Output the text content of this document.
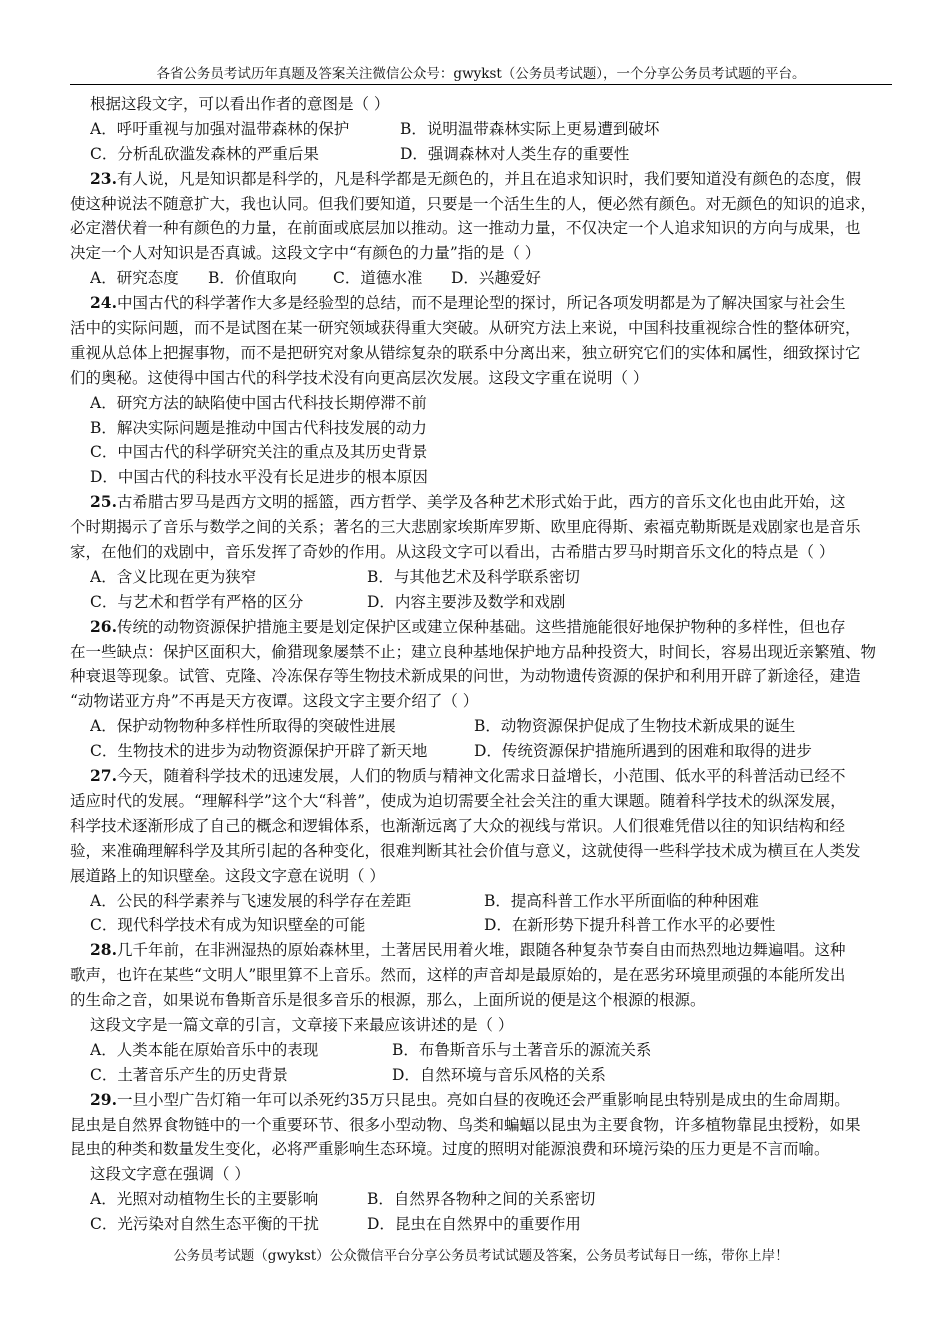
各省公务员考试历年真题及答案关注微信公众号：gwykst（公务员考试题），一个分享公务员考试题的平台。
根据这段文字，可以看出作者的意图是（ ）
A．呼吁重视与加强对温带森林的保护	B．说明温带森林实际上更易遭到破坏
C．分析乱砍滥发森林的严重后果	D．强调森林对人类生存的重要性
23.有人说，凡是知识都是科学的，凡是科学都是无颜色的，并且在追求知识时，我们要知道没有颜色的态度，假
使这种说法不随意扩大，我也认同。但我们要知道，只要是一个活生生的人，便必然有颜色。对无颜色的知识的追求，
必定潜伏着一种有颜色的力量，在前面或底层加以推动。这一推动力量，不仅决定一个人追求知识的方向与成果，也
决定一个人对知识是否真诚。这段文字中“有颜色的力量”指的是（ ）
A．研究态度	B．价值取向	C．道德水准	D．兴趣爱好
24.中国古代的科学著作大多是经验型的总结，而不是理论型的探讨，所记各项发明都是为了解决国家与社会生
活中的实际问题，而不是试图在某一研究领域获得重大突破。从研究方法上来说，中国科技重视综合性的整体研究，
重视从总体上把握事物，而不是把研究对象从错综复杂的联系中分离出来，独立研究它们的实体和属性，细致探讨它
们的奥秘。这使得中国古代的科学技术没有向更高层次发展。这段文字重在说明（ ）
A．研究方法的缺陷使中国古代科技长期停滞不前
B．解决实际问题是推动中国古代科技发展的动力
C．中国古代的科学研究关注的重点及其历史背景
D．中国古代的科技水平没有长足进步的根本原因
25.古希腊古罗马是西方文明的摇篮，西方哲学、美学及各种艺术形式始于此，西方的音乐文化也由此开始，这
个时期揭示了音乐与数学之间的关系；著名的三大悲剧家埃斯库罗斯、欧里庇得斯、索福克勒斯既是戏剧家也是音乐
家，在他们的戏剧中，音乐发挥了奇妙的作用。从这段文字可以看出，古希腊古罗马时期音乐文化的特点是（ ）
A．含义比现在更为狭窄	B．与其他艺术及科学联系密切
C．与艺术和哲学有严格的区分	D．内容主要涉及数学和戏剧
26.传统的动物资源保护措施主要是划定保护区或建立保种基础。这些措施能很好地保护物种的多样性，但也存
在一些缺点：保护区面积大，偷猎现象屡禁不止；建立良种基地保护地方品种投资大，时间长，容易出现近亲繁殖、物
种衰退等现象。试管、克隆、冷冻保存等生物技术新成果的问世，为动物遗传资源的保护和利用开辟了新途径，建造
“动物诺亚方舟”不再是天方夜谭。这段文字主要介绍了（ ）
A．保护动物物种多样性所取得的突破性进展	B．动物资源保护促成了生物技术新成果的诞生
C．生物技术的进步为动物资源保护开辟了新天地	D．传统资源保护措施所遇到的困难和取得的进步
27.今天，随着科学技术的迅速发展，人们的物质与精神文化需求日益增长，小范围、低水平的科普活动已经不
适应时代的发展。“理解科学”这个大“科普”，使成为迫切需要全社会关注的重大课题。随着科学技术的纵深发展，
科学技术逐渐形成了自己的概念和逻辑体系，也渐渐远离了大众的视线与常识。人们很难凭借以往的知识结构和经
验，来准确理解科学及其所引起的各种变化，很难判断其社会价值与意义，这就使得一些科学技术成为横亘在人类发
展道路上的知识壁垒。这段文字意在说明（ ）
A．公民的科学素养与飞速发展的科学存在差距	B．提高科普工作水平所面临的种种困难
C．现代科学技术有成为知识壁垒的可能	D．在新形势下提升科普工作水平的必要性
28.几千年前，在非洲湿热的原始森林里，土著居民用着火堆，跟随各种复杂节奏自由而热烈地边舞遍唱。这种
歌声，也许在某些“文明人”眼里算不上音乐。然而，这样的声音却是最原始的，是在恶劣环境里顽强的本能所发出
的生命之音，如果说布鲁斯音乐是很多音乐的根源，那么，上面所说的便是这个根源的根源。
这段文字是一篇文章的引言，文章接下来最应该讲述的是（ ）
A．人类本能在原始音乐中的表现	B．布鲁斯音乐与土著音乐的源流关系
C．土著音乐产生的历史背景	D．自然环境与音乐风格的关系
29.一旦小型广告灯箱一年可以杀死约35万只昆虫。亮如白昼的夜晚还会严重影响昆虫特别是成虫的生命周期。
昆虫是自然界食物链中的一个重要环节、很多小型动物、鸟类和蝙蝠以昆虫为主要食物，许多植物靠昆虫授粉，如果
昆虫的种类和数量发生变化，必将严重影响生态环境。过度的照明对能源浪费和环境污染的压力更是不言而喻。
这段文字意在强调（ ）
A．光照对动植物生长的主要影响	B．自然界各物种之间的关系密切
C．光污染对自然生态平衡的干扰	D．昆虫在自然界中的重要作用
公务员考试题（gwykst）公众微信平台分享公务员考试试题及答案，公务员考试每日一练，带你上岸！
